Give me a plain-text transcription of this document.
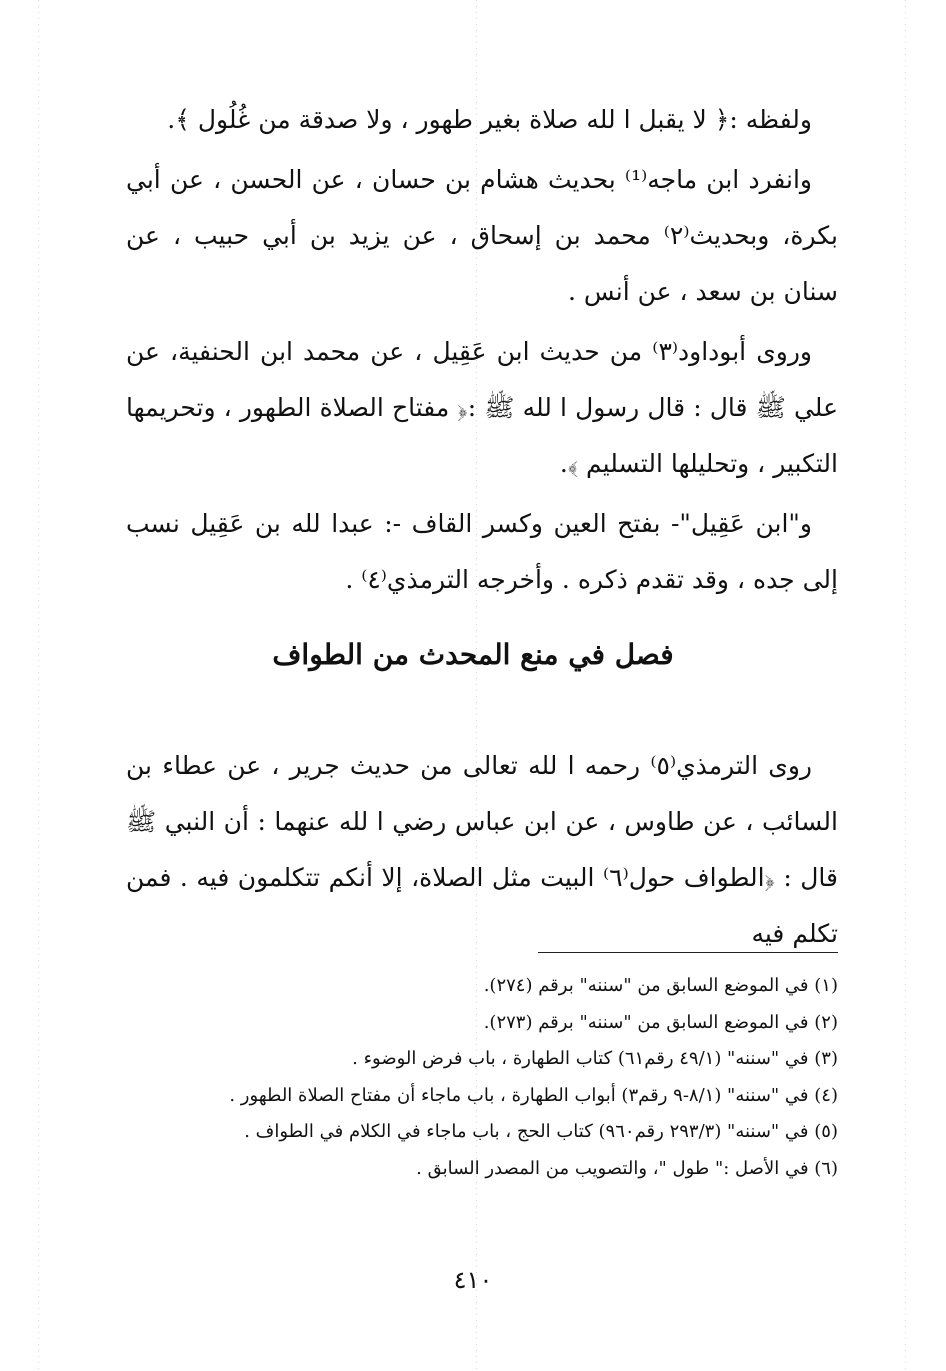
ولفظه :﴿ لا يقبل ا لله صلاة بغير طهور ، ولا صدقة من غُلُول ﴾.

وانفرد ابن ماجه⁽¹⁾ بحديث هشام بن حسان ، عن الحسن ، عن أبي بكرة، وبحديث⁽٢⁾ محمد بن إسحاق ، عن يزيد بن أبي حبيب ، عن سنان بن سعد ، عن أنس .

وروى أبوداود⁽٣⁾ من حديث ابن عَقِيل ، عن محمد ابن الحنفية، عن علي ﷺ قال : قال رسول ا لله ﷺ :﴿ مفتاح الصلاة الطهور ، وتحريمها التكبير ، وتحليلها التسليم ﴾.

و"ابن عَقِيل"- بفتح العين وكسر القاف -: عبدا لله بن عَقِيل نسب إلى جده ، وقد تقدم ذكره . وأخرجه الترمذي⁽٤⁾ .

فصل في منع المحدث من الطواف

روى الترمذي⁽٥⁾ رحمه ا لله تعالى من حديث جرير ، عن عطاء بن السائب ، عن طاوس ، عن ابن عباس رضي ا لله عنهما : أن النبي ﷺ قال : ﴿الطواف حول⁽٦⁾ البيت مثل الصلاة، إلا أنكم تتكلمون فيه . فمن تكلم فيه

(١) في الموضع السابق من "سننه" برقم (٢٧٤).

(٢) في الموضع السابق من "سننه" برقم (٢٧٣).

(٣) في "سننه" (٤٩/١ رقم٦١) كتاب الطهارة ، باب فرض الوضوء .

(٤) في "سننه" (٨/١-٩ رقم٣) أبواب الطهارة ، باب ماجاء أن مفتاح الصلاة الطهور .

(٥) في "سننه" (٢٩٣/٣ رقم٩٦٠) كتاب الحج ، باب ماجاء في الكلام في الطواف .

(٦) في الأصل :" طول "، والتصويب من المصدر السابق .

٤١٠
